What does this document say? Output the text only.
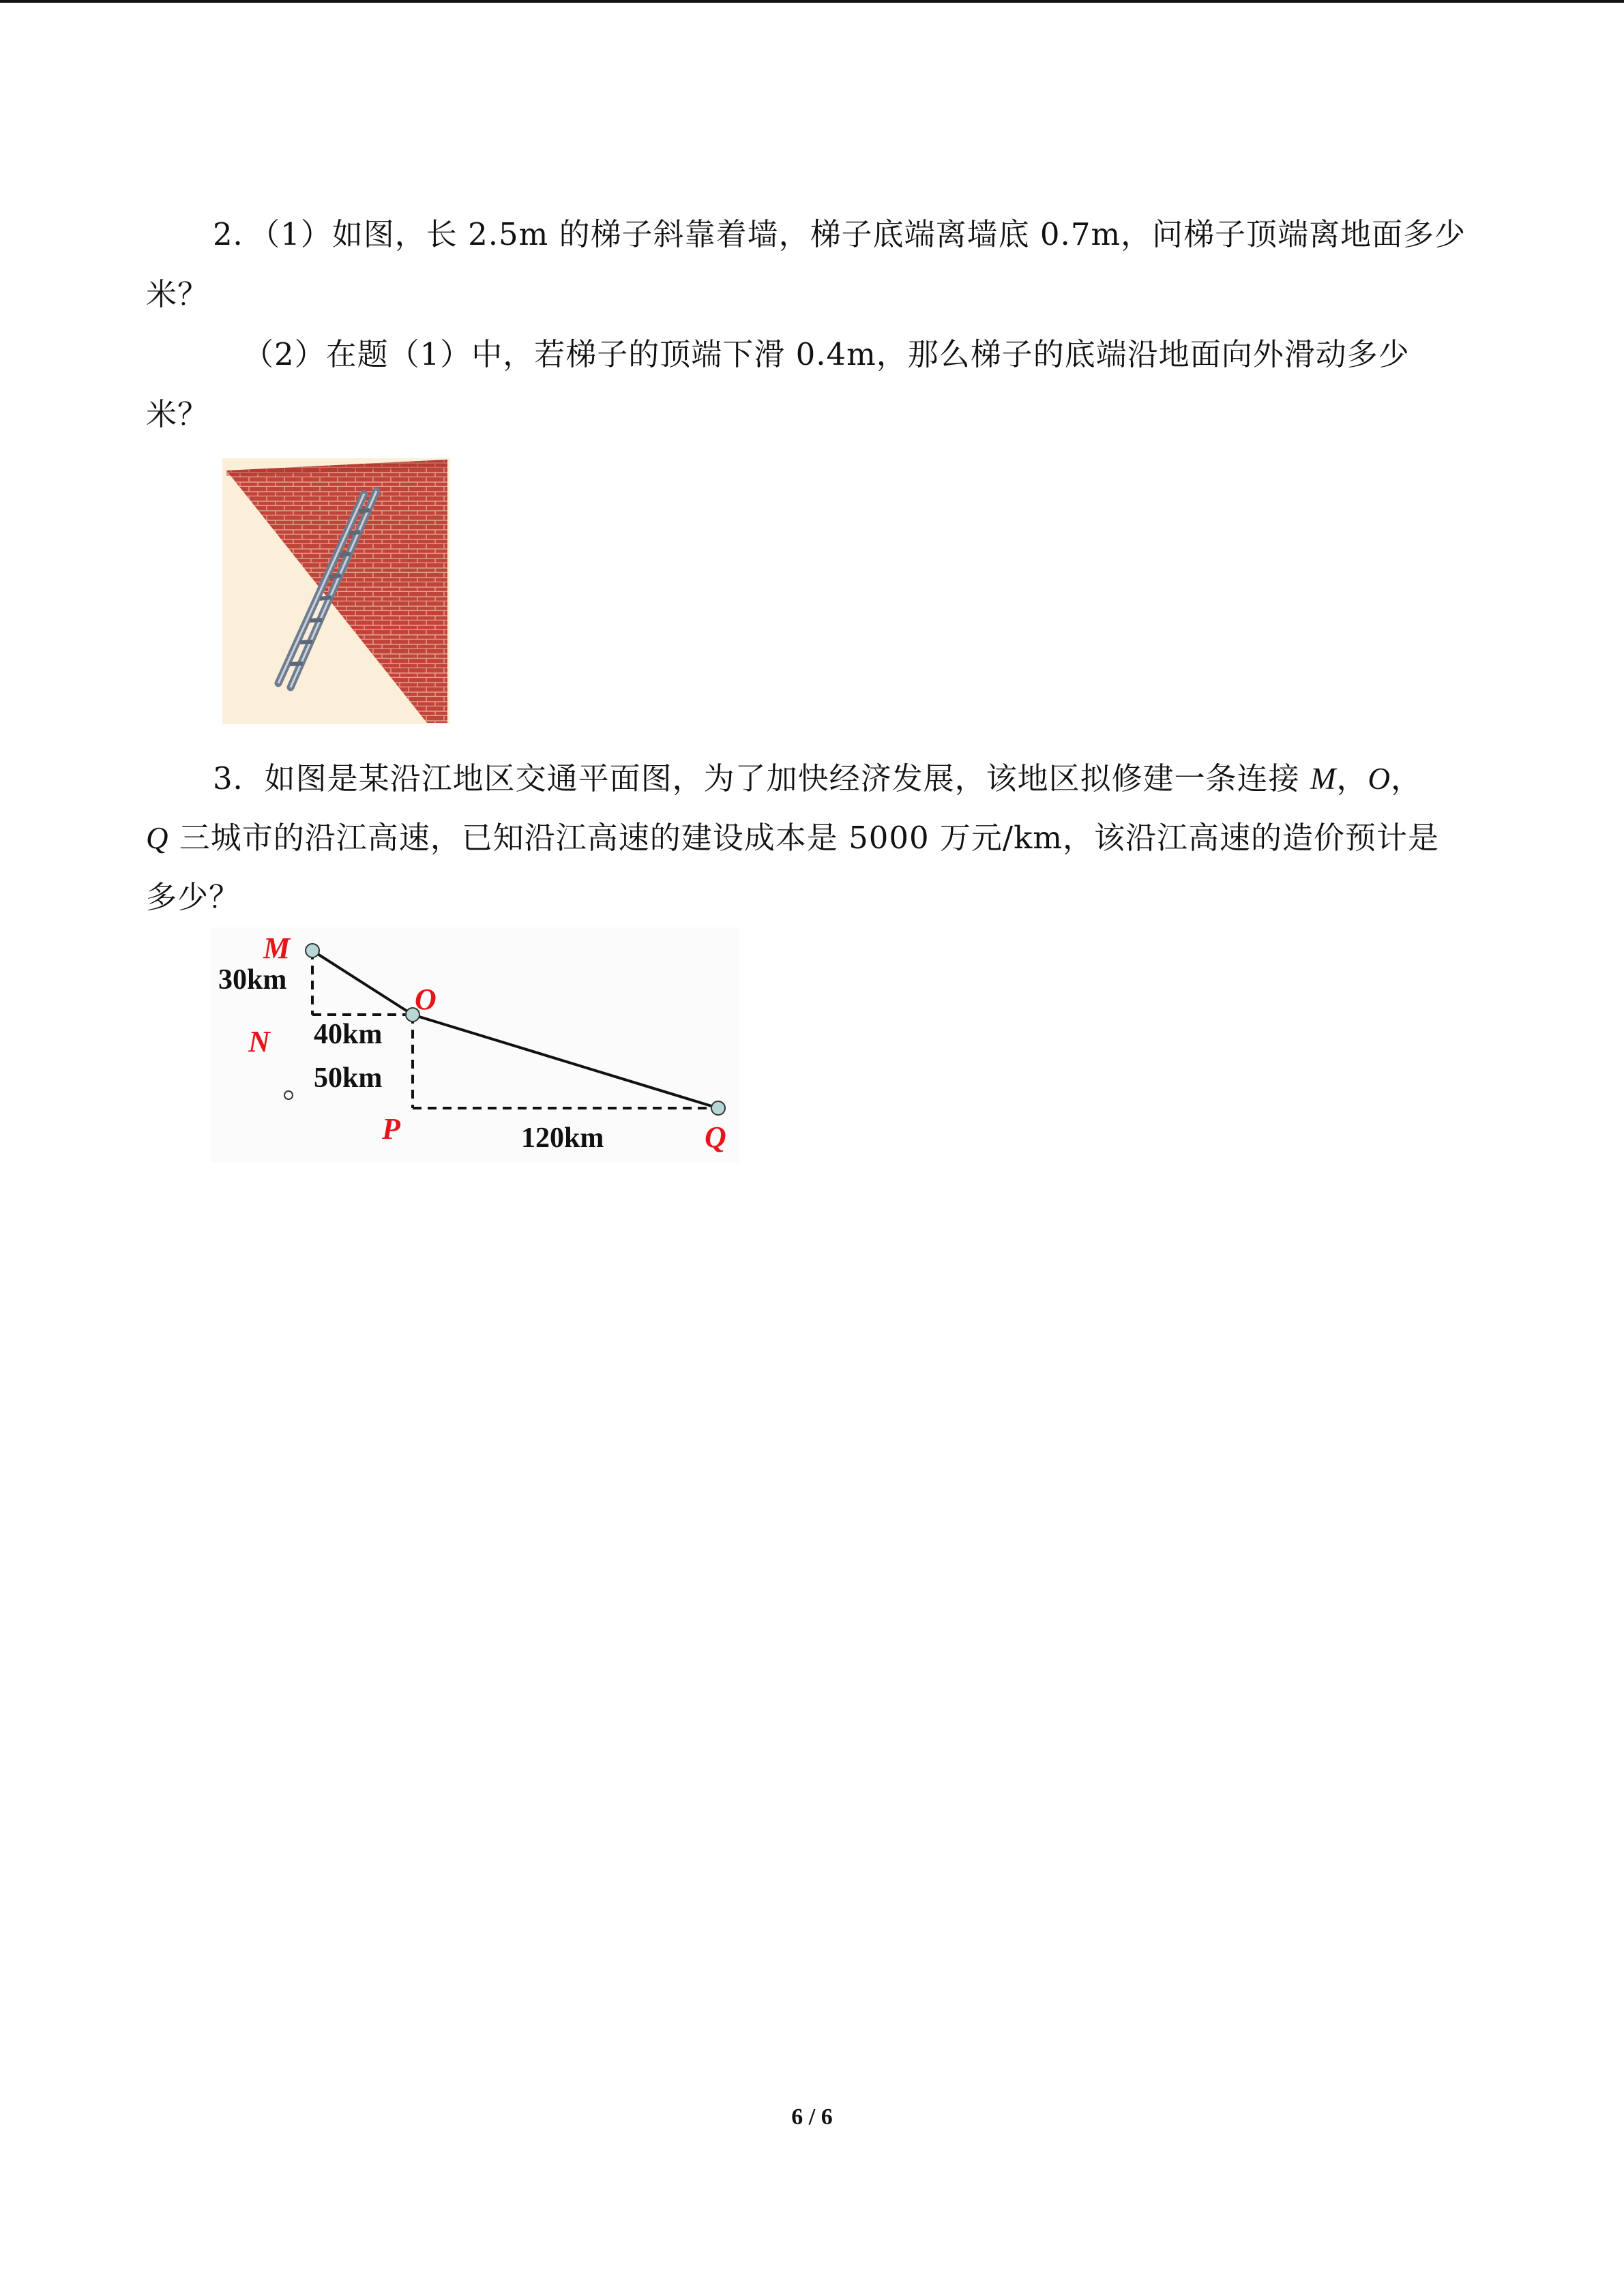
2．（1）如图，长 2.5m 的梯子斜靠着墙，梯子底端离墙底 0.7m，问梯子顶端离地面多少
米？
（2）在题（1）中，若梯子的顶端下滑 0.4m，那么梯子的底端沿地面向外滑动多少
米？
3．如图是某沿江地区交通平面图，为了加快经济发展，该地区拟修建一条连接 M，O，
Q 三城市的沿江高速，已知沿江高速的建设成本是 5000 万元/km，该沿江高速的造价预计是
多少？
M
O
N
P	Q
30km
40km
50km
120km
6 / 6
